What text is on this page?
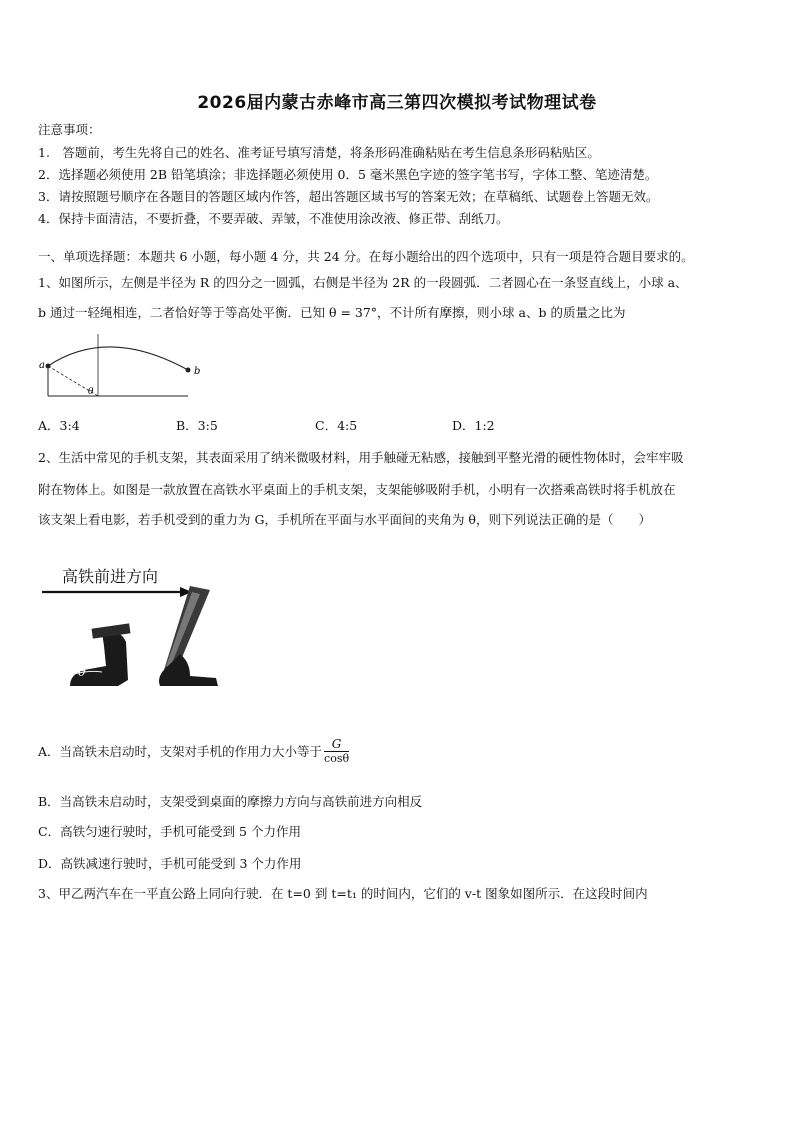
2026届内蒙古赤峰市高三第四次模拟考试物理试卷
注意事项：
1.　答题前，考生先将自己的姓名、准考证号填写清楚，将条形码准确粘贴在考生信息条形码粘贴区。
2．选择题必须使用 2B 铅笔填涂；非选择题必须使用 0．5 毫米黑色字迹的签字笔书写，字体工整、笔迹清楚。
3．请按照题号顺序在各题目的答题区域内作答，超出答题区域书写的答案无效；在草稿纸、试题卷上答题无效。
4．保持卡面清洁，不要折叠，不要弄破、弄皱，不准使用涂改液、修正带、刮纸刀。
一、单项选择题：本题共 6 小题，每小题 4 分，共 24 分。在每小题给出的四个选项中，只有一项是符合题目要求的。
1、如图所示，左侧是半径为 R 的四分之一圆弧，右侧是半径为 2R 的一段圆弧．二者圆心在一条竖直线上，小球 a、
b 通过一轻绳相连，二者恰好等于等高处平衡．已知 θ = 37°，不计所有摩擦，则小球 a、b 的质量之比为
a
b
θ
A．3:4	B．3:5	C．4:5	D．1:2
2、生活中常见的手机支架，其表面采用了纳米微吸材料，用手触碰无粘感，接触到平整光滑的硬性物体时，会牢牢吸
附在物体上。如图是一款放置在高铁水平桌面上的手机支架，支架能够吸附手机，小明有一次搭乘高铁时将手机放在
该支架上看电影，若手机受到的重力为 G，手机所在平面与水平面间的夹角为 θ，则下列说法正确的是（　　）
高铁前进方向
θ
A．当高铁未启动时，支架对手机的作用力大小等于 $\frac{G}{\cos\theta}$
B．当高铁未启动时，支架受到桌面的摩擦力方向与高铁前进方向相反
C．高铁匀速行驶时，手机可能受到 5 个力作用
D．高铁减速行驶时，手机可能受到 3 个力作用
3、甲乙两汽车在一平直公路上同向行驶．在 t=0 到 t=t₁ 的时间内，它们的 v-t 图象如图所示．在这段时间内
